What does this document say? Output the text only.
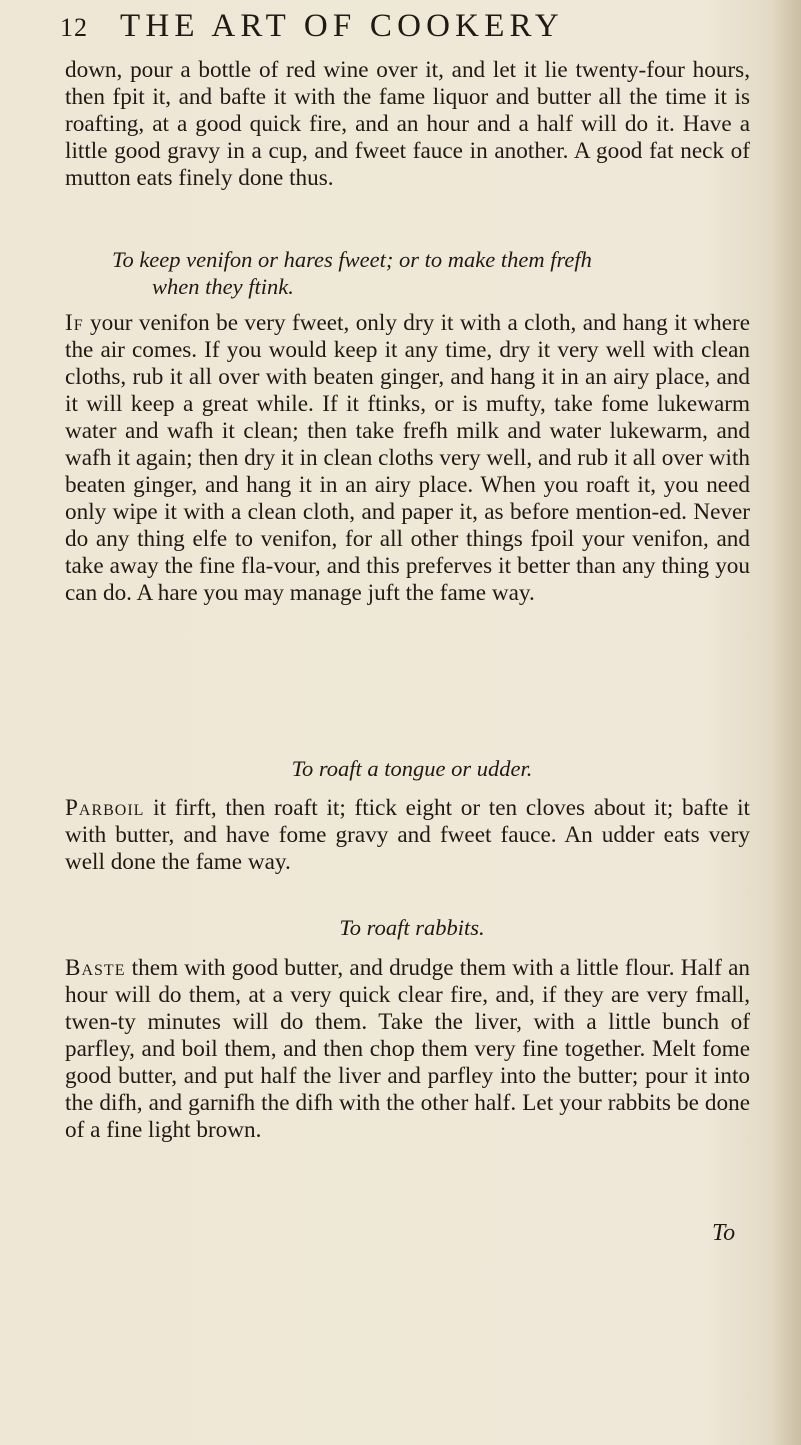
12 THE ART OF COOKERY

down, pour a bottle of red wine over it, and let it lie twenty-four hours, then fpit it, and bafte it with the fame liquor and butter all the time it is roafting, at a good quick fire, and an hour and a half will do it. Have a little good gravy in a cup, and fweet fauce in another. A good fat neck of mutton eats finely done thus.

To keep venifon or hares fweet; or to make them frefh
when they ftink.

If your venifon be very fweet, only dry it with a cloth, and hang it where the air comes. If you would keep it any time, dry it very well with clean cloths, rub it all over with beaten ginger, and hang it in an airy place, and it will keep a great while. If it ftinks, or is mufty, take fome lukewarm water and wafh it clean; then take frefh milk and water lukewarm, and wafh it again; then dry it in clean cloths very well, and rub it all over with beaten ginger, and hang it in an airy place. When you roaft it, you need only wipe it with a clean cloth, and paper it, as before mention-ed. Never do any thing elfe to venifon, for all other things fpoil your venifon, and take away the fine fla-vour, and this preferves it better than any thing you can do. A hare you may manage juft the fame way.

To roaft a tongue or udder.

Parboil it firft, then roaft it; ftick eight or ten cloves about it; bafte it with butter, and have fome gravy and fweet fauce. An udder eats very well done the fame way.

To roaft rabbits.

Baste them with good butter, and drudge them with a little flour. Half an hour will do them, at a very quick clear fire, and, if they are very fmall, twen-ty minutes will do them. Take the liver, with a little bunch of parfley, and boil them, and then chop them very fine together. Melt fome good butter, and put half the liver and parfley into the butter; pour it into the difh, and garnifh the difh with the other half. Let your rabbits be done of a fine light brown.

To
